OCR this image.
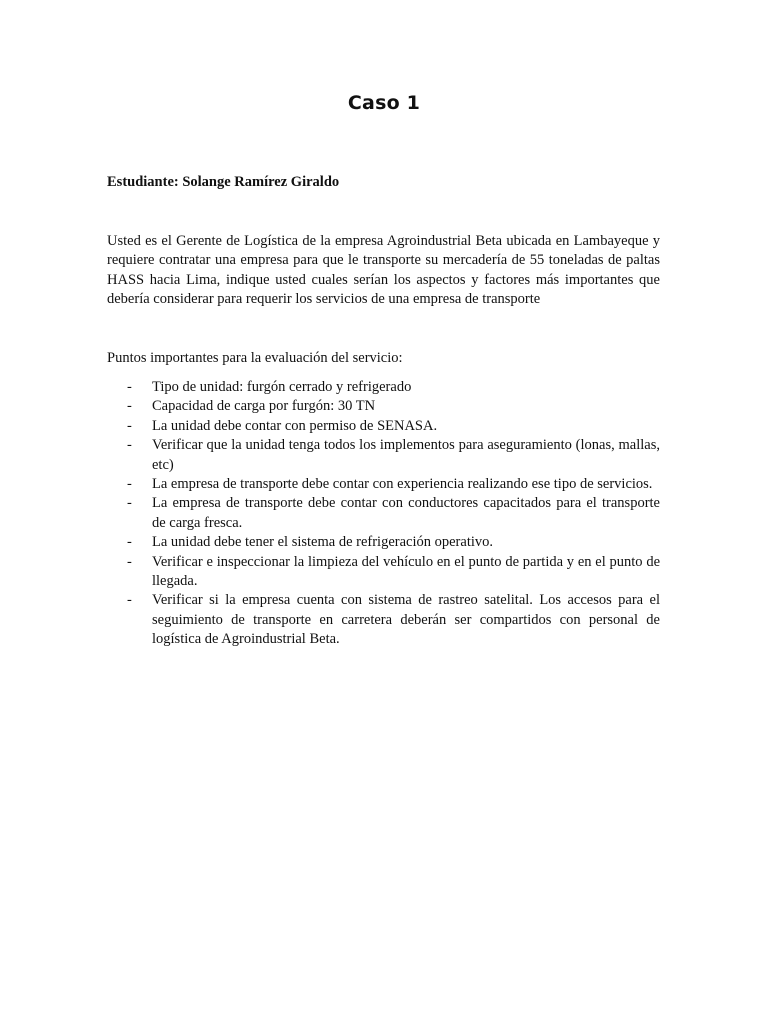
Caso 1
Estudiante: Solange Ramírez Giraldo
Usted es el Gerente de Logística de la empresa Agroindustrial Beta ubicada en Lambayeque y requiere contratar una empresa para que le transporte su mercadería de 55 toneladas de paltas HASS hacia Lima, indique usted cuales serían los aspectos y factores más importantes que debería considerar para requerir los servicios de una empresa de transporte
Puntos importantes para la evaluación del servicio:
- Tipo de unidad: furgón cerrado y refrigerado
- Capacidad de carga por furgón: 30 TN
- La unidad debe contar con permiso de SENASA.
- Verificar que la unidad tenga todos los implementos para aseguramiento (lonas, mallas, etc)
- La empresa de transporte debe contar con experiencia realizando ese tipo de servicios.
- La empresa de transporte debe contar con conductores capacitados para el transporte de carga fresca.
- La unidad debe tener el sistema de refrigeración operativo.
- Verificar e inspeccionar la limpieza del vehículo en el punto de partida y en el punto de llegada.
- Verificar si la empresa cuenta con sistema de rastreo satelital. Los accesos para el seguimiento de transporte en carretera deberán ser compartidos con personal de logística de Agroindustrial Beta.
